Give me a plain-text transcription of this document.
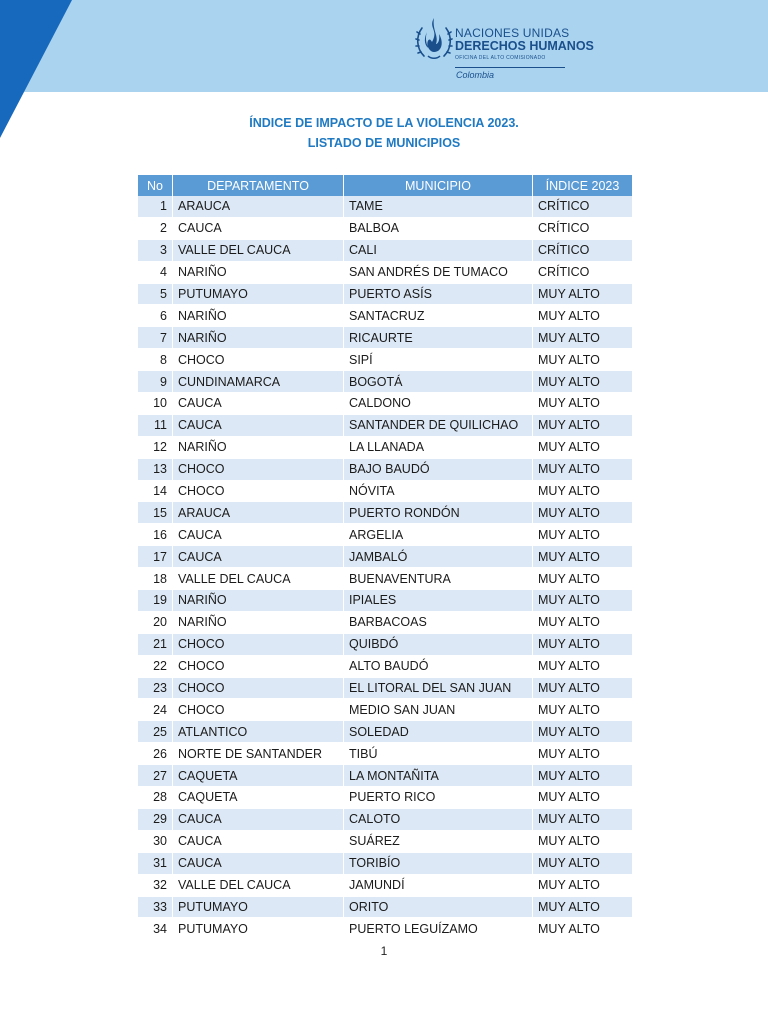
NACIONES UNIDAS
DERECHOS HUMANOS
OFICINA DEL ALTO COMISIONADO
Colombia
ÍNDICE DE IMPACTO DE LA VIOLENCIA 2023.
LISTADO DE MUNICIPIOS
No	DEPARTAMENTO	MUNICIPIO	ÍNDICE 2023
1	ARAUCA	TAME	CRÍTICO
2	CAUCA	BALBOA	CRÍTICO
3	VALLE DEL CAUCA	CALI	CRÍTICO
4	NARIÑO	SAN ANDRÉS DE TUMACO	CRÍTICO
5	PUTUMAYO	PUERTO ASÍS	MUY ALTO
6	NARIÑO	SANTACRUZ	MUY ALTO
7	NARIÑO	RICAURTE	MUY ALTO
8	CHOCO	SIPÍ	MUY ALTO
9	CUNDINAMARCA	BOGOTÁ	MUY ALTO
10	CAUCA	CALDONO	MUY ALTO
11	CAUCA	SANTANDER DE QUILICHAO	MUY ALTO
12	NARIÑO	LA LLANADA	MUY ALTO
13	CHOCO	BAJO BAUDÓ	MUY ALTO
14	CHOCO	NÓVITA	MUY ALTO
15	ARAUCA	PUERTO RONDÓN	MUY ALTO
16	CAUCA	ARGELIA	MUY ALTO
17	CAUCA	JAMBALÓ	MUY ALTO
18	VALLE DEL CAUCA	BUENAVENTURA	MUY ALTO
19	NARIÑO	IPIALES	MUY ALTO
20	NARIÑO	BARBACOAS	MUY ALTO
21	CHOCO	QUIBDÓ	MUY ALTO
22	CHOCO	ALTO BAUDÓ	MUY ALTO
23	CHOCO	EL LITORAL DEL SAN JUAN	MUY ALTO
24	CHOCO	MEDIO SAN JUAN	MUY ALTO
25	ATLANTICO	SOLEDAD	MUY ALTO
26	NORTE DE SANTANDER	TIBÚ	MUY ALTO
27	CAQUETA	LA MONTAÑITA	MUY ALTO
28	CAQUETA	PUERTO RICO	MUY ALTO
29	CAUCA	CALOTO	MUY ALTO
30	CAUCA	SUÁREZ	MUY ALTO
31	CAUCA	TORIBÍO	MUY ALTO
32	VALLE DEL CAUCA	JAMUNDÍ	MUY ALTO
33	PUTUMAYO	ORITO	MUY ALTO
34	PUTUMAYO	PUERTO LEGUÍZAMO	MUY ALTO
1
